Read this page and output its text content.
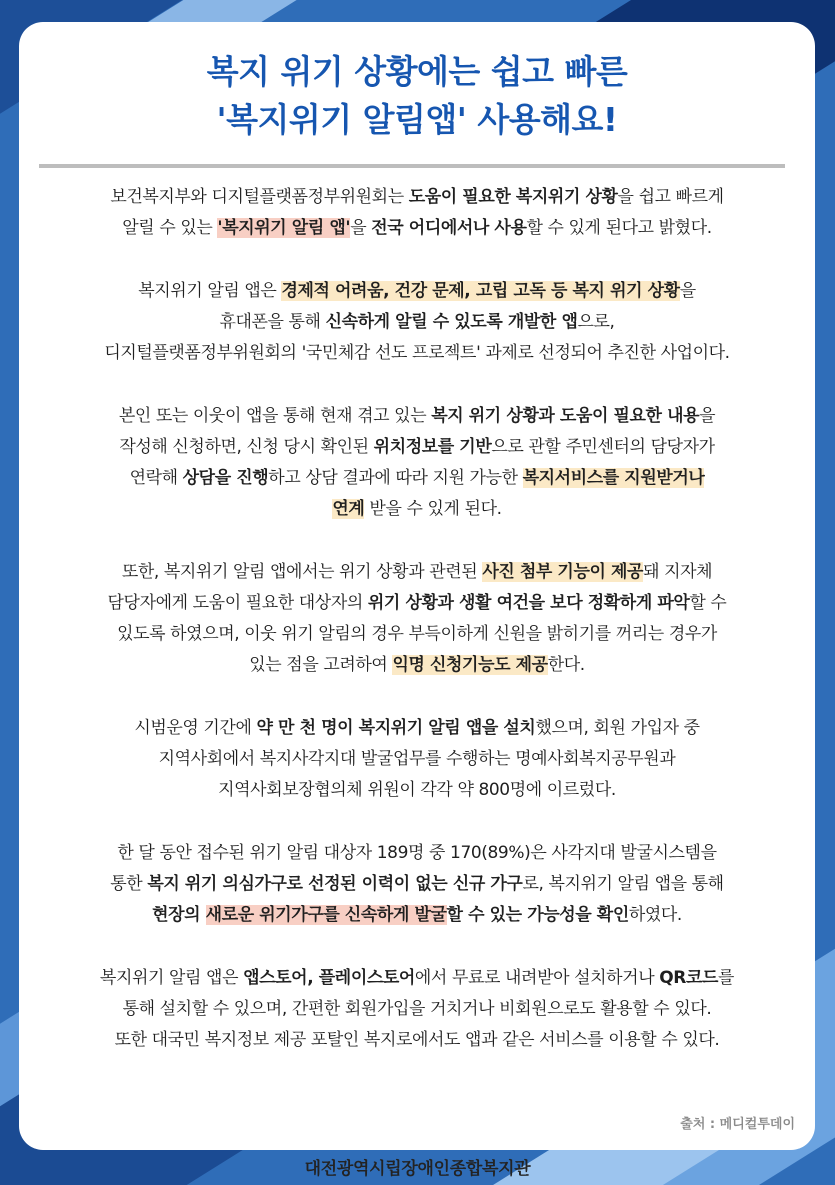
복지 위기 상황에는 쉽고 빠른
'복지위기 알림앱' 사용해요!
보건복지부와 디지털플랫폼정부위원회는 도움이 필요한 복지위기 상황을 쉽고 빠르게
알릴 수 있는 '복지위기 알림 앱'을 전국 어디에서나 사용할 수 있게 된다고 밝혔다.
복지위기 알림 앱은 경제적 어려움, 건강 문제, 고립 고독 등 복지 위기 상황을
휴대폰을 통해 신속하게 알릴 수 있도록 개발한 앱으로,
디지털플랫폼정부위원회의 '국민체감 선도 프로젝트' 과제로 선정되어 추진한 사업이다.
본인 또는 이웃이 앱을 통해 현재 겪고 있는 복지 위기 상황과 도움이 필요한 내용을
작성해 신청하면, 신청 당시 확인된 위치정보를 기반으로 관할 주민센터의 담당자가
연락해 상담을 진행하고 상담 결과에 따라 지원 가능한 복지서비스를 지원받거나
연계 받을 수 있게 된다.
또한, 복지위기 알림 앱에서는 위기 상황과 관련된 사진 첨부 기능이 제공돼 지자체
담당자에게 도움이 필요한 대상자의 위기 상황과 생활 여건을 보다 정확하게 파악할 수
있도록 하였으며, 이웃 위기 알림의 경우 부득이하게 신원을 밝히기를 꺼리는 경우가
있는 점을 고려하여 익명 신청기능도 제공한다.
시범운영 기간에 약 만 천 명이 복지위기 알림 앱을 설치했으며, 회원 가입자 중
지역사회에서 복지사각지대 발굴업무를 수행하는 명예사회복지공무원과
지역사회보장협의체 위원이 각각 약 800명에 이르렀다.
한 달 동안 접수된 위기 알림 대상자 189명 중 170(89%)은 사각지대 발굴시스템을
통한 복지 위기 의심가구로 선정된 이력이 없는 신규 가구로, 복지위기 알림 앱을 통해
현장의 새로운 위기가구를 신속하게 발굴할 수 있는 가능성을 확인하였다.
복지위기 알림 앱은 앱스토어, 플레이스토어에서 무료로 내려받아 설치하거나 QR코드를
통해 설치할 수 있으며, 간편한 회원가입을 거치거나 비회원으로도 활용할 수 있다.
또한 대국민 복지정보 제공 포탈인 복지로에서도 앱과 같은 서비스를 이용할 수 있다.
출처 : 메디컬투데이
대전광역시립장애인종합복지관
